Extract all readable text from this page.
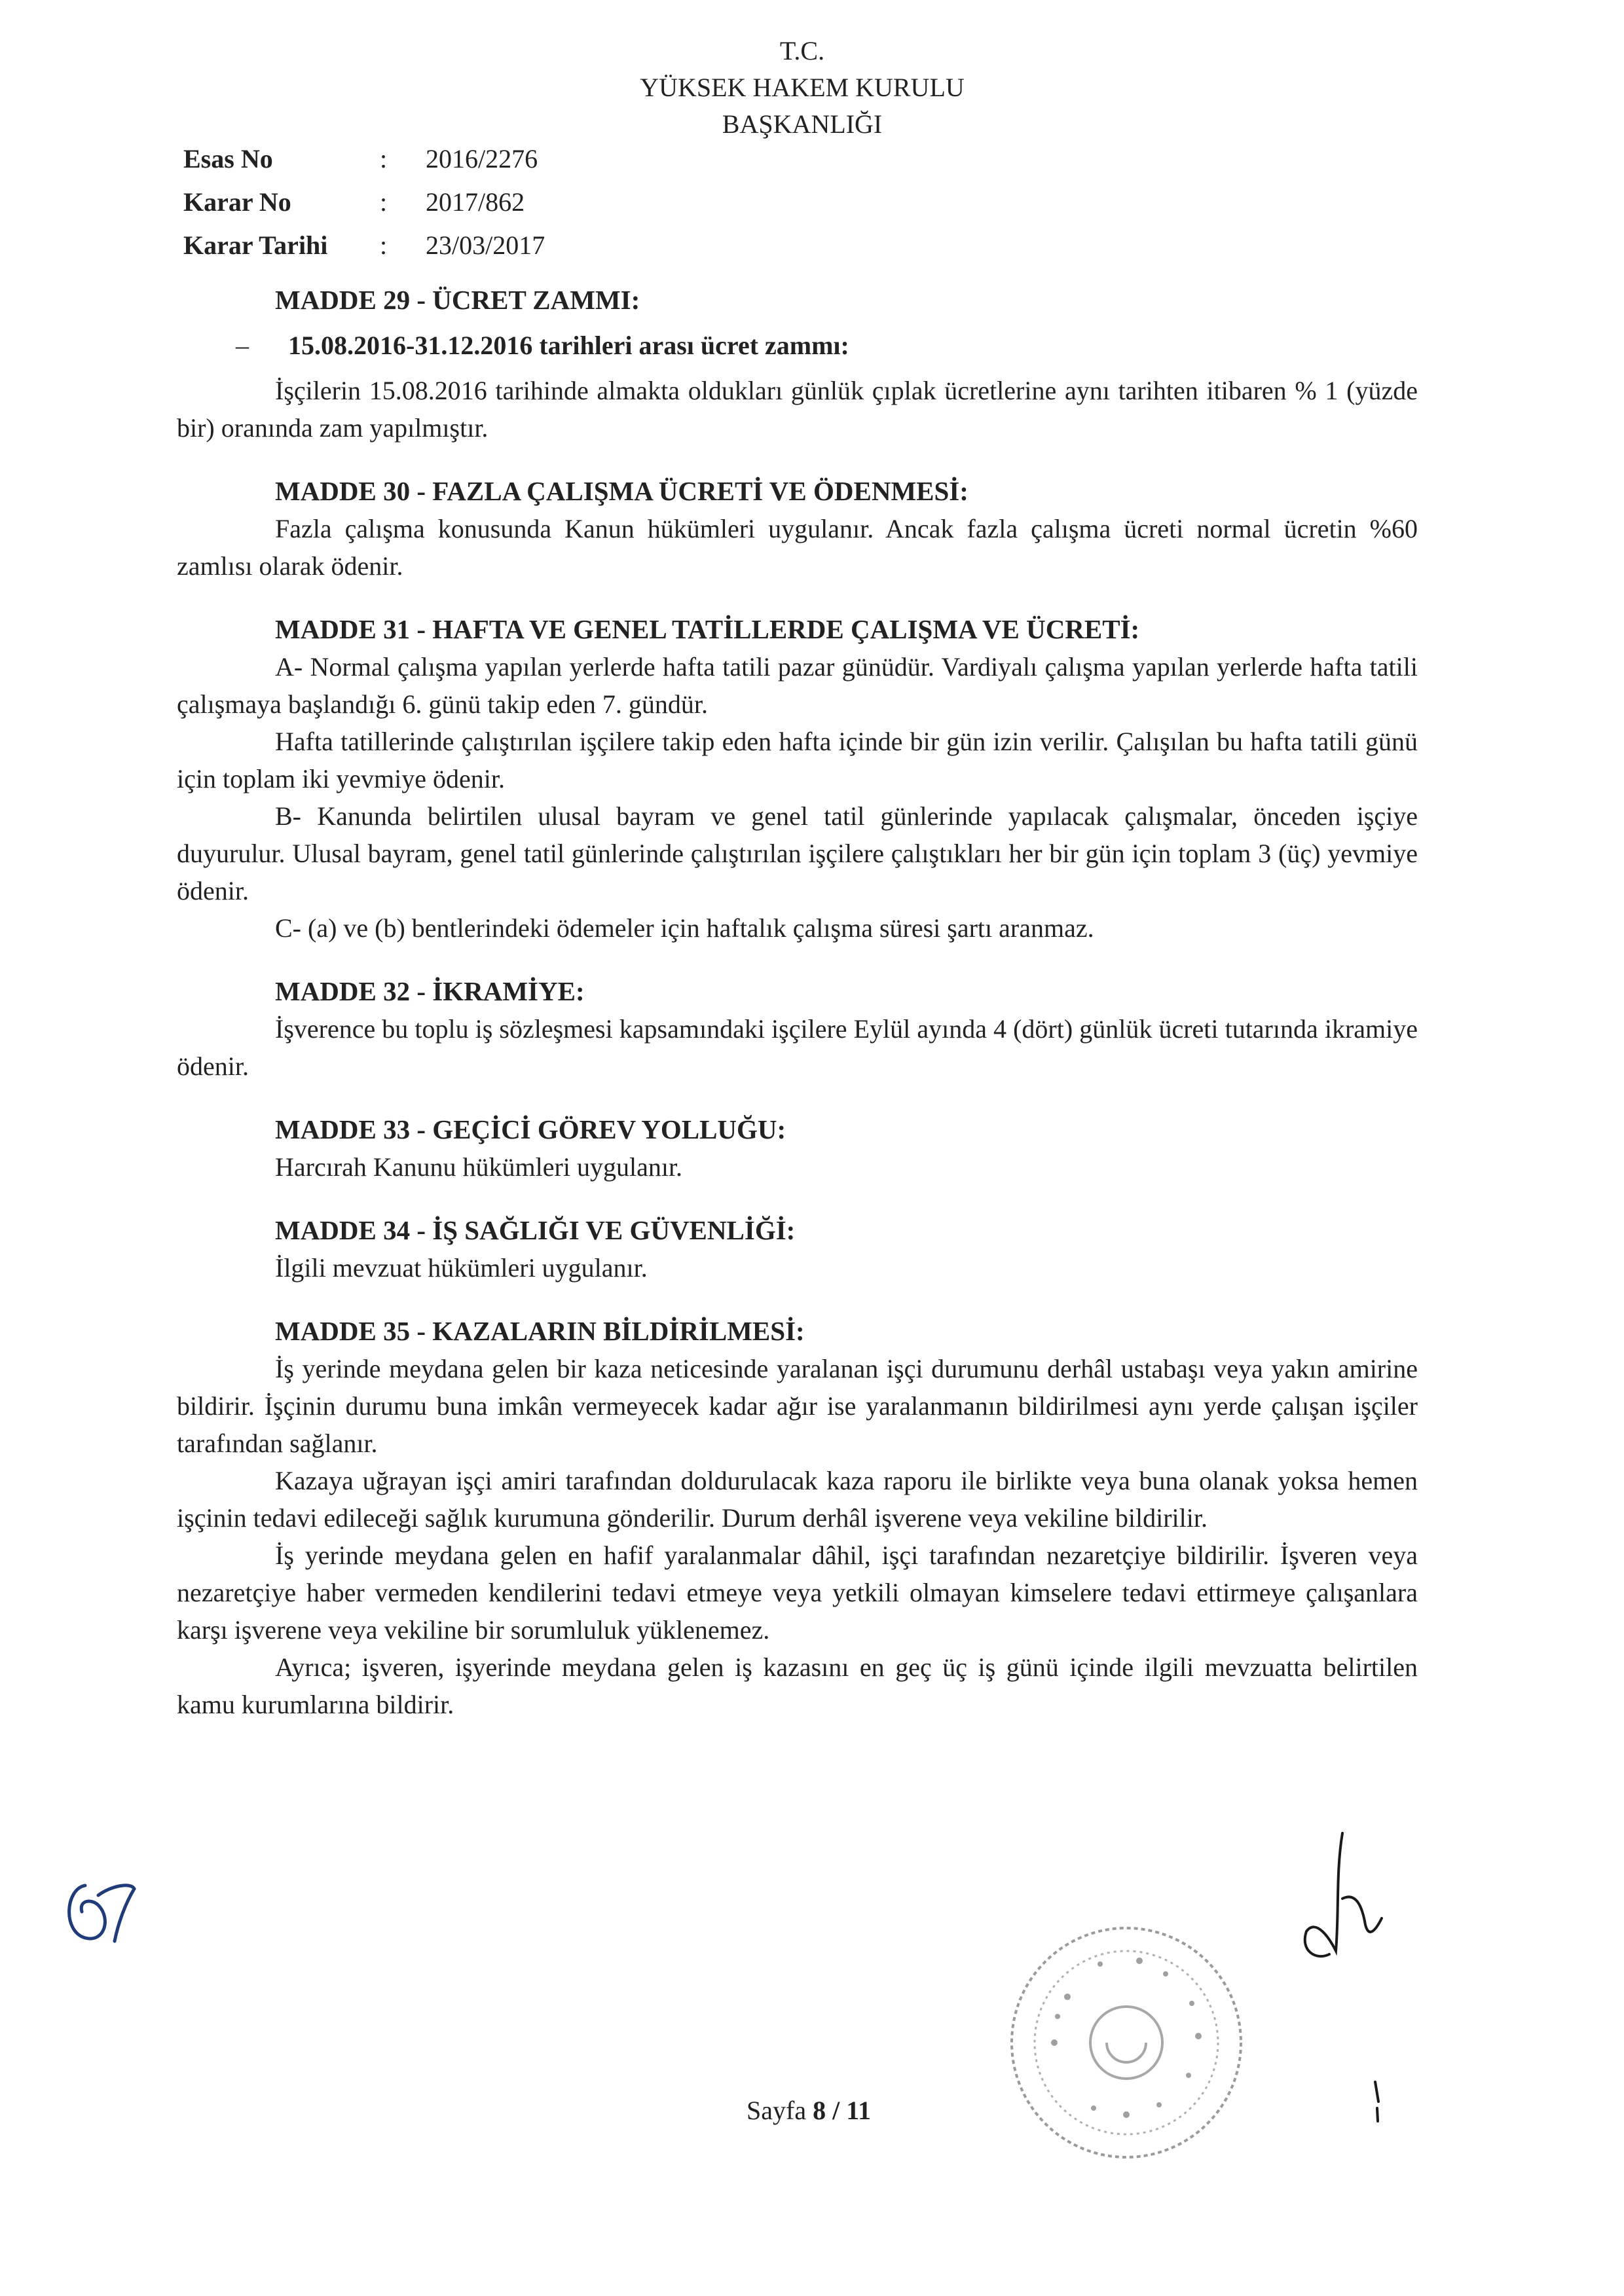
T.C.
YÜKSEK HAKEM KURULU
BAŞKANLIĞI
Esas No	:	2016/2276
Karar No	:	2017/862
Karar Tarihi	:	23/03/2017
MADDE 29 - ÜCRET ZAMMI:
–	15.08.2016-31.12.2016 tarihleri arası ücret zammı:
İşçilerin 15.08.2016 tarihinde almakta oldukları günlük çıplak ücretlerine aynı tarihten itibaren % 1 (yüzde bir) oranında zam yapılmıştır.
MADDE 30 - FAZLA ÇALIŞMA ÜCRETİ VE ÖDENMESİ:
Fazla çalışma konusunda Kanun hükümleri uygulanır. Ancak fazla çalışma ücreti normal ücretin %60 zamlısı olarak ödenir.
MADDE 31 - HAFTA VE GENEL TATİLLERDE ÇALIŞMA VE ÜCRETİ:
A- Normal çalışma yapılan yerlerde hafta tatili pazar günüdür. Vardiyalı çalışma yapılan yerlerde hafta tatili çalışmaya başlandığı 6. günü takip eden 7. gündür.
Hafta tatillerinde çalıştırılan işçilere takip eden hafta içinde bir gün izin verilir. Çalışılan bu hafta tatili günü için toplam iki yevmiye ödenir.
B- Kanunda belirtilen ulusal bayram ve genel tatil günlerinde yapılacak çalışmalar, önceden işçiye duyurulur. Ulusal bayram, genel tatil günlerinde çalıştırılan işçilere çalıştıkları her bir gün için toplam 3 (üç) yevmiye ödenir.
C- (a) ve (b) bentlerindeki ödemeler için haftalık çalışma süresi şartı aranmaz.
MADDE 32 - İKRAMİYE:
İşverence bu toplu iş sözleşmesi kapsamındaki işçilere Eylül ayında 4 (dört) günlük ücreti tutarında ikramiye ödenir.
MADDE 33 - GEÇİCİ GÖREV YOLLUĞU:
Harcırah Kanunu hükümleri uygulanır.
MADDE 34 - İŞ SAĞLIĞI VE GÜVENLİĞİ:
İlgili mevzuat hükümleri uygulanır.
MADDE 35 - KAZALARIN BİLDİRİLMESİ:
İş yerinde meydana gelen bir kaza neticesinde yaralanan işçi durumunu derhâl ustabaşı veya yakın amirine bildirir. İşçinin durumu buna imkân vermeyecek kadar ağır ise yaralanmanın bildirilmesi aynı yerde çalışan işçiler tarafından sağlanır.
Kazaya uğrayan işçi amiri tarafından doldurulacak kaza raporu ile birlikte veya buna olanak yoksa hemen işçinin tedavi edileceği sağlık kurumuna gönderilir. Durum derhâl işverene veya vekiline bildirilir.
İş yerinde meydana gelen en hafif yaralanmalar dâhil, işçi tarafından nezaretçiye bildirilir. İşveren veya nezaretçiye haber vermeden kendilerini tedavi etmeye veya yetkili olmayan kimselere tedavi ettirmeye çalışanlara karşı işverene veya vekiline bir sorumluluk yüklenemez.
Ayrıca; işveren, işyerinde meydana gelen iş kazasını en geç üç iş günü içinde ilgili mevzuatta belirtilen kamu kurumlarına bildirir.
Sayfa 8 / 11
